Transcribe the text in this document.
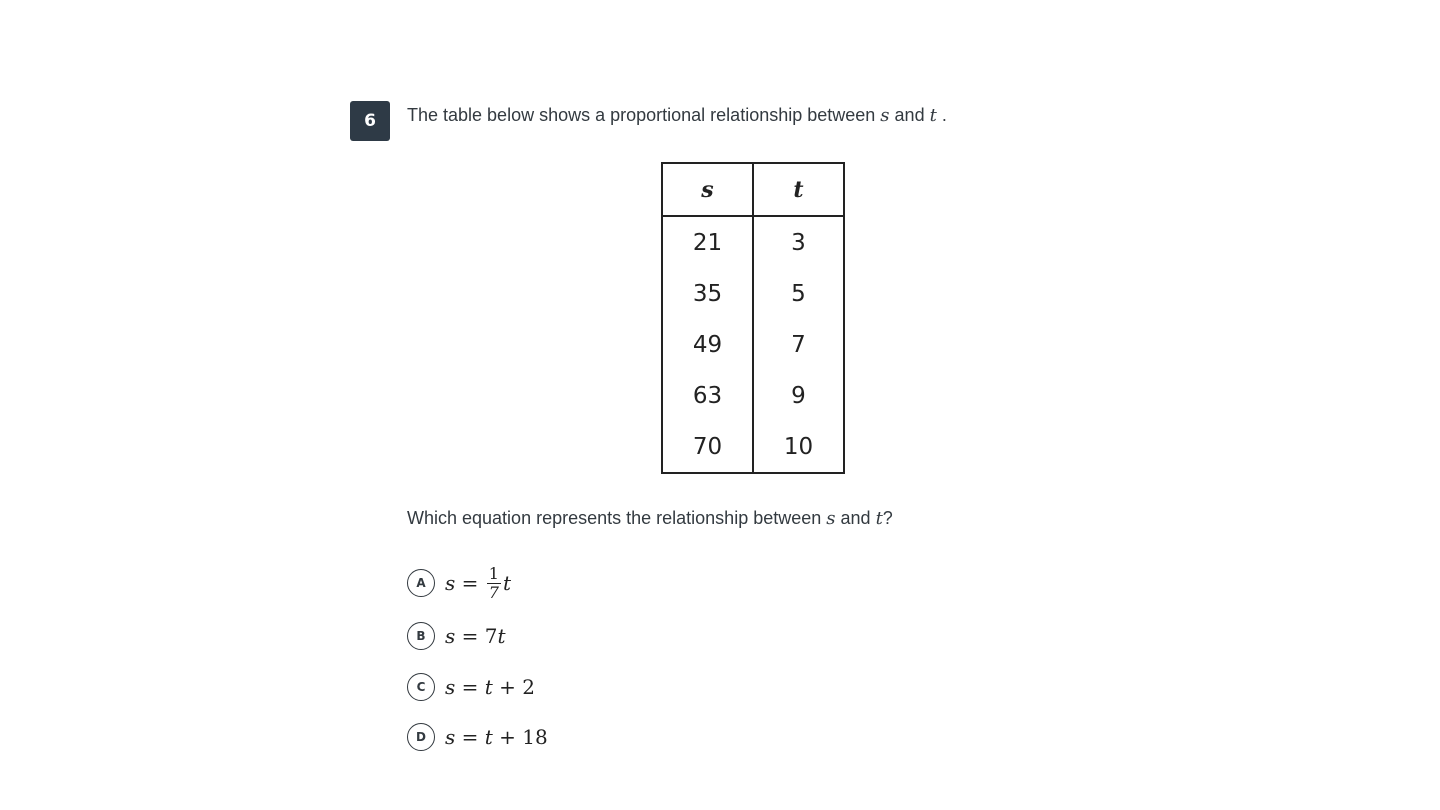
6	The table below shows a proportional relationship between s and t .
s	t
21	3
35	5
49	7
63	9
70	10
Which equation represents the relationship between s and t?
A $s = \frac{1}{7}$ t
B s = 7 t
C s = t + 2
D s = t + 18
